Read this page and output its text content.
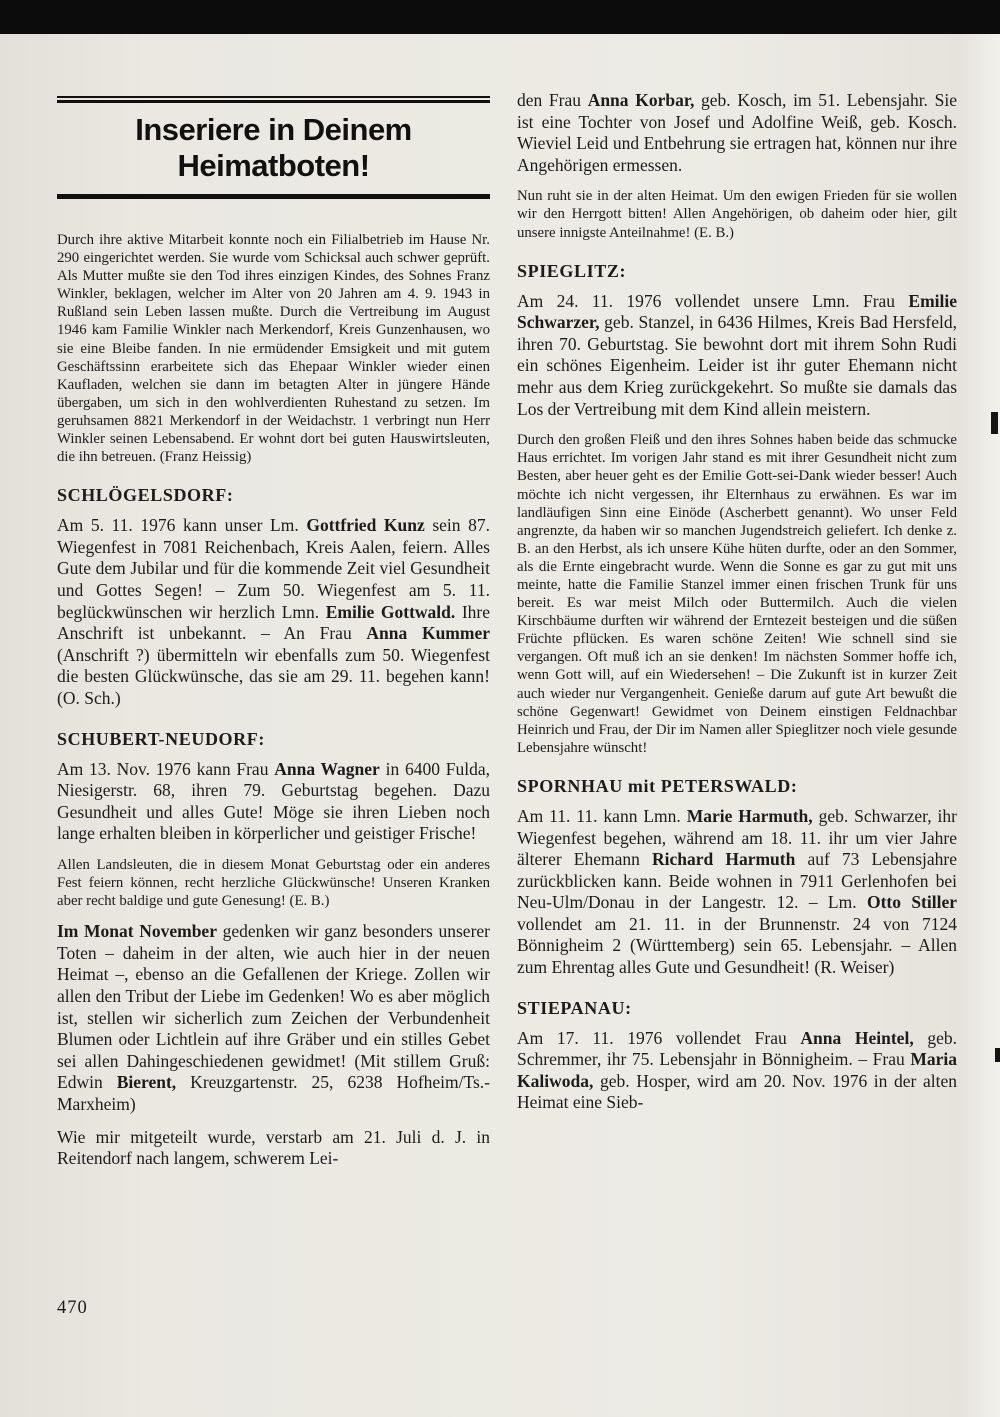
Inseriere in Deinem Heimatboten!

Durch ihre aktive Mitarbeit konnte noch ein Filialbetrieb im Hause Nr. 290 eingerichtet werden. Sie wurde vom Schicksal auch schwer geprüft. Als Mutter mußte sie den Tod ihres einzigen Kindes, des Sohnes Franz Winkler, beklagen, welcher im Alter von 20 Jahren am 4. 9. 1943 in Rußland sein Leben lassen mußte. Durch die Vertreibung im August 1946 kam Familie Winkler nach Merkendorf, Kreis Gunzenhausen, wo sie eine Bleibe fanden. In nie ermüdender Emsigkeit und mit gutem Geschäftssinn erarbeitete sich das Ehepaar Winkler wieder einen Kaufladen, welchen sie dann im betagten Alter in jüngere Hände übergaben, um sich in den wohlverdienten Ruhestand zu setzen. Im geruhsamen 8821 Merkendorf in der Weidachstr. 1 verbringt nun Herr Winkler seinen Lebensabend. Er wohnt dort bei guten Hauswirtsleuten, die ihn betreuen. (Franz Heissig)

SCHLÖGELSDORF:

Am 5. 11. 1976 kann unser Lm. Gottfried Kunz sein 87. Wiegenfest in 7081 Reichenbach, Kreis Aalen, feiern. Alles Gute dem Jubilar und für die kommende Zeit viel Gesundheit und Gottes Segen! – Zum 50. Wiegenfest am 5. 11. beglückwünschen wir herzlich Lmn. Emilie Gottwald. Ihre Anschrift ist unbekannt. – An Frau Anna Kummer (Anschrift ?) übermitteln wir ebenfalls zum 50. Wiegenfest die besten Glückwünsche, das sie am 29. 11. begehen kann! (O. Sch.)

SCHUBERT-NEUDORF:

Am 13. Nov. 1976 kann Frau Anna Wagner in 6400 Fulda, Niesigerstr. 68, ihren 79. Geburtstag begehen. Dazu Gesundheit und alles Gute! Möge sie ihren Lieben noch lange erhalten bleiben in körperlicher und geistiger Frische!

Allen Landsleuten, die in diesem Monat Geburtstag oder ein anderes Fest feiern können, recht herzliche Glückwünsche! Unseren Kranken aber recht baldige und gute Genesung! (E. B.)

Im Monat November gedenken wir ganz besonders unserer Toten – daheim in der alten, wie auch hier in der neuen Heimat –, ebenso an die Gefallenen der Kriege. Zollen wir allen den Tribut der Liebe im Gedenken! Wo es aber möglich ist, stellen wir sicherlich zum Zeichen der Verbundenheit Blumen oder Lichtlein auf ihre Gräber und ein stilles Gebet sei allen Dahingeschiedenen gewidmet! (Mit stillem Gruß: Edwin Bierent, Kreuzgartenstr. 25, 6238 Hofheim/Ts.-Marxheim)

Wie mir mitgeteilt wurde, verstarb am 21. Juli d. J. in Reitendorf nach langem, schwerem Lei-

den Frau Anna Korbar, geb. Kosch, im 51. Lebensjahr. Sie ist eine Tochter von Josef und Adolfine Weiß, geb. Kosch. Wieviel Leid und Entbehrung sie ertragen hat, können nur ihre Angehörigen ermessen.

Nun ruht sie in der alten Heimat. Um den ewigen Frieden für sie wollen wir den Herrgott bitten! Allen Angehörigen, ob daheim oder hier, gilt unsere innigste Anteilnahme! (E. B.)

SPIEGLITZ:

Am 24. 11. 1976 vollendet unsere Lmn. Frau Emilie Schwarzer, geb. Stanzel, in 6436 Hilmes, Kreis Bad Hersfeld, ihren 70. Geburtstag. Sie bewohnt dort mit ihrem Sohn Rudi ein schönes Eigenheim. Leider ist ihr guter Ehemann nicht mehr aus dem Krieg zurückgekehrt. So mußte sie damals das Los der Vertreibung mit dem Kind allein meistern.

Durch den großen Fleiß und den ihres Sohnes haben beide das schmucke Haus errichtet. Im vorigen Jahr stand es mit ihrer Gesundheit nicht zum Besten, aber heuer geht es der Emilie Gott-sei-Dank wieder besser! Auch möchte ich nicht vergessen, ihr Elternhaus zu erwähnen. Es war im landläufigen Sinn eine Einöde (Ascherbett genannt). Wo unser Feld angrenzte, da haben wir so manchen Jugendstreich geliefert. Ich denke z. B. an den Herbst, als ich unsere Kühe hüten durfte, oder an den Sommer, als die Ernte eingebracht wurde. Wenn die Sonne es gar zu gut mit uns meinte, hatte die Familie Stanzel immer einen frischen Trunk für uns bereit. Es war meist Milch oder Buttermilch. Auch die vielen Kirschbäume durften wir während der Erntezeit besteigen und die süßen Früchte pflücken. Es waren schöne Zeiten! Wie schnell sind sie vergangen. Oft muß ich an sie denken! Im nächsten Sommer hoffe ich, wenn Gott will, auf ein Wiedersehen! – Die Zukunft ist in kurzer Zeit auch wieder nur Vergangenheit. Genieße darum auf gute Art bewußt die schöne Gegenwart! Gewidmet von Deinem einstigen Feldnachbar Heinrich und Frau, der Dir im Namen aller Spieglitzer noch viele gesunde Lebensjahre wünscht!

SPORNHAU mit PETERSWALD:

Am 11. 11. kann Lmn. Marie Harmuth, geb. Schwarzer, ihr Wiegenfest begehen, während am 18. 11. ihr um vier Jahre älterer Ehemann Richard Harmuth auf 73 Lebensjahre zurückblicken kann. Beide wohnen in 7911 Gerlenhofen bei Neu-Ulm/Donau in der Langestr. 12. – Lm. Otto Stiller vollendet am 21. 11. in der Brunnenstr. 24 von 7124 Bönnigheim 2 (Württemberg) sein 65. Lebensjahr. – Allen zum Ehrentag alles Gute und Gesundheit! (R. Weiser)

STIEPANAU:

Am 17. 11. 1976 vollendet Frau Anna Heintel, geb. Schremmer, ihr 75. Lebensjahr in Bönnigheim. – Frau Maria Kaliwoda, geb. Hosper, wird am 20. Nov. 1976 in der alten Heimat eine Sieb-

470
